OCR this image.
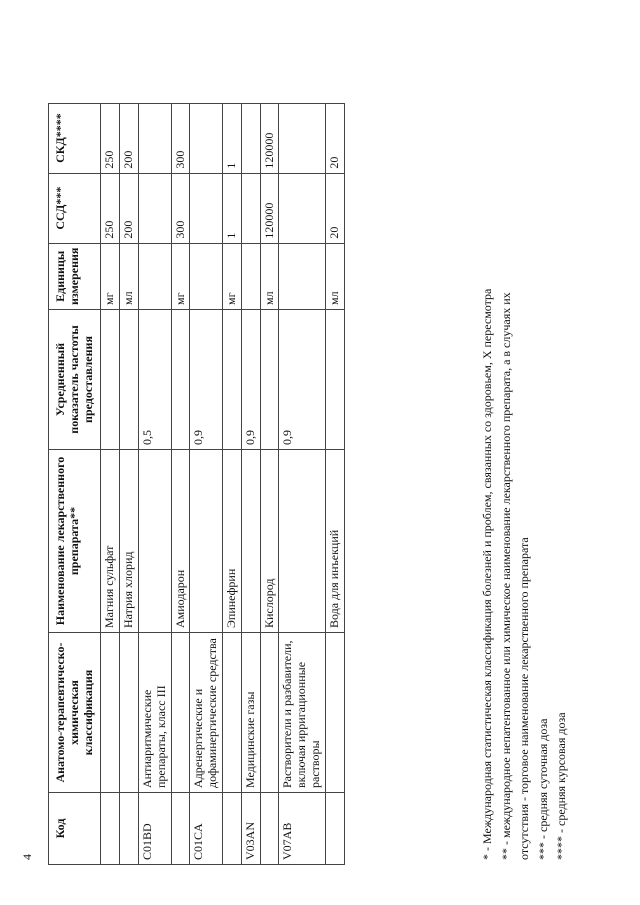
4
Код	Анатомо-терапевтическо-химическая классификация	Наименование лекарственного препарата**	Усредненный показатель частоты предоставления	Единицы измерения	ССД***	СКД****
		Магния сульфат		мг	250	250
		Натрия хлорид		мл	200	200
C01BD	Антиаритмические препараты, класс III		0,5			
		Амиодарон		мг	300	300
C01CA	Адренергические и дофаминергические средства		0,9			
		Эпинефрин		мг	1	1
V03AN	Медицинские газы		0,9			
		Кислород		мл	120000	120000
V07AB	Растворители и разбавители, включая ирригационные растворы		0,9			
		Вода для инъекций		мл	20	20
* - Международная статистическая классификация болезней и проблем, связанных со здоровьем, X пересмотра ** - международное непатентованное или химическое наименование лекарственного препарата, а в случаях их отсутствия - торговое наименование лекарственного препарата *** - средняя суточная доза **** - средняя курсовая доза
